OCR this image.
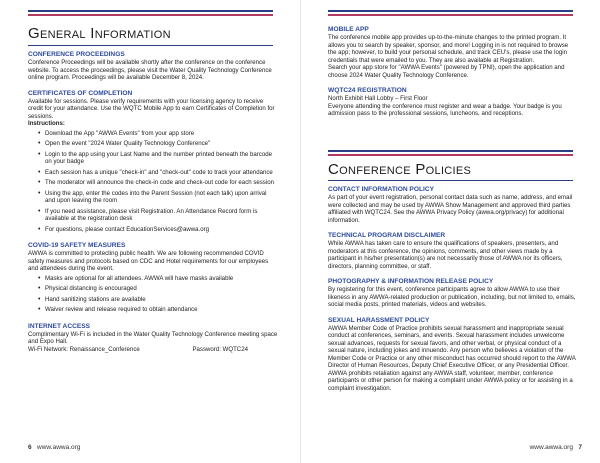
General Information

CONFERENCE PROCEEDINGS

Conference Proceedings will be available shortly after the conference on the conference website. To access the proceedings, please visit the Water Quality Technology Conference online program. Proceedings will be available December 8, 2024.

CERTIFICATES OF COMPLETION

Available for sessions. Please verify requirements with your licensing agency to receive credit for your attendance. Use the WQTC Mobile App to earn Certificates of Completion for sessions.

Instructions:

• Download the App "AWWA Events" from your app store
• Open the event "2024 Water Quality Technology Conference"
• Login to the app using your Last Name and the number printed beneath the barcode on your badge
• Each session has a unique "check-in" and "check-out" code to track your attendance
• The moderator will announce the check-in code and check-out code for each session
• Using the app, enter the codes into the Parent Session (not each talk) upon arrival and upon leaving the room
• If you need assistance, please visit Registration. An Attendance Record form is available at the registration desk
• For questions, please contact EducationServices@awwa.org

COVID-19 SAFETY MEASURES

AWWA is committed to protecting public health. We are following recommended COVID safety measures and protocols based on CDC and Hotel requirements for our employees and attendees during the event.

• Masks are optional for all attendees. AWWA will have masks available
• Physical distancing is encouraged
• Hand sanitizing stations are available
• Waiver review and release required to obtain attendance

INTERNET ACCESS

Complimentary Wi-Fi is included in the Water Quality Technology Conference meeting space and Expo Hall.

Wi-Fi Network: Renaissance_Conference	Password: WQTC24
6 www.awwa.org

MOBILE APP

The conference mobile app provides up-to-the-minute changes to the printed program. It allows you to search by speaker, sponsor, and more! Logging in is not required to browse the app; however, to build your personal schedule, and track CEU's, please use the login credentials that were emailed to you. They are also available at Registration.

Search your app store for "AWWA Events" (powered by TPNI), open the application and choose 2024 Water Quality Technology Conference.

WQTC24 REGISTRATION

North Exhibit Hall Lobby – First Floor

Everyone attending the conference must register and wear a badge. Your badge is you admission pass to the professional sessions, luncheons, and receptions.

Conference Policies

CONTACT INFORMATION POLICY

As part of your event registration, personal contact data such as name, address, and email were collected and may be used by AWWA Show Management and approved third parties affiliated with WQTC24. See the AWWA Privacy Policy (awwa.org/privacy) for additional information.

TECHNICAL PROGRAM DISCLAIMER

While AWWA has taken care to ensure the qualifications of speakers, presenters, and moderators at this conference, the opinions, comments, and other views made by a participant in his/her presentation(s) are not necessarily those of AWWA nor its officers, directors, planning committee, or staff.

PHOTOGRAPHY & INFORMATION RELEASE POLICY

By registering for this event, conference participants agree to allow AWWA to use their likeness in any AWWA-related production or publication, including, but not limited to, emails, social media posts, printed materials, videos and websites.

SEXUAL HARASSMENT POLICY

AWWA Member Code of Practice prohibits sexual harassment and inappropriate sexual conduct at conferences, seminars, and events. Sexual harassment includes unwelcome sexual advances, requests for sexual favors, and other verbal, or physical conduct of a sexual nature, including jokes and innuendo. Any person who believes a violation of the Member Code or Practice or any other misconduct has occurred should report to the AWWA Director of Human Resources, Deputy Chief Executive Officer, or any Presidential Officer. AWWA prohibits retaliation against any AWWA staff, volunteer, member, conference participants or other person for making a complaint under AWWA policy or for assisting in a complaint investigation.

www.awwa.org 7
